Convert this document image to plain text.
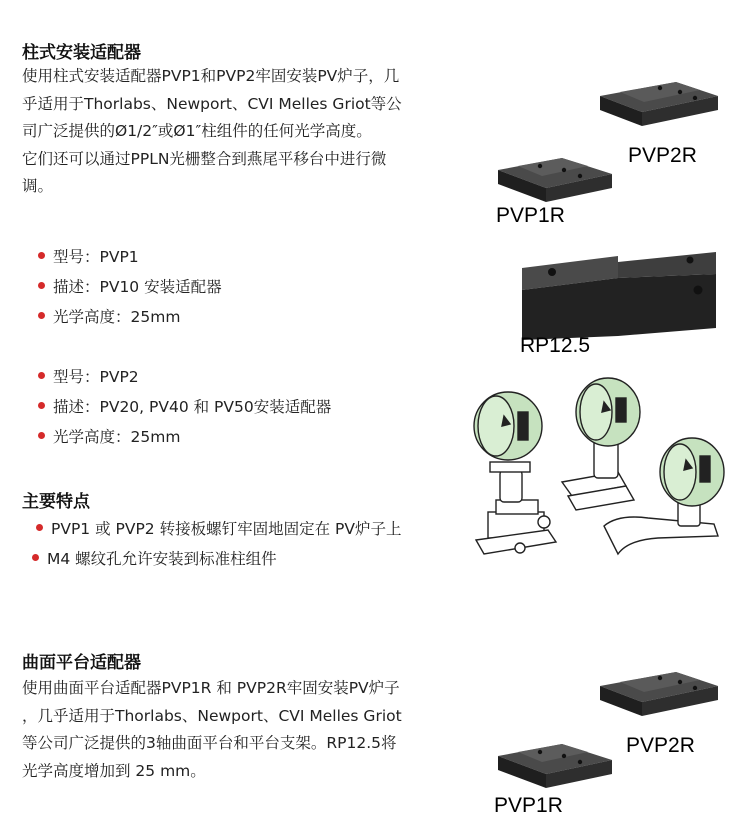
柱式安装适配器
使用柱式安装适配器PVP1和PVP2牢固安装PV炉子，几
乎适用于Thorlabs、Newport、CVI Melles Griot等公
司广泛提供的Ø1/2″或Ø1″柱组件的任何光学高度。
它们还可以通过PPLN光栅整合到燕尾平移台中进行微
调。
型号：PVP1
描述：PV10 安装适配器
光学高度：25mm
型号：PVP2
描述：PV20, PV40 和 PV50安装适配器
光学高度：25mm
主要特点
PVP1 或 PVP2 转接板螺钉牢固地固定在 PV炉子上
M4 螺纹孔允许安装到标准柱组件
曲面平台适配器
使用曲面平台适配器PVP1R 和 PVP2R牢固安装PV炉子
，几乎适用于Thorlabs、Newport、CVI Melles Griot
等公司广泛提供的3轴曲面平台和平台支架。RP12.5将
光学高度增加到 25 mm。
PVP2R
PVP1R
RP12.5
PVP2R
PVP1R
